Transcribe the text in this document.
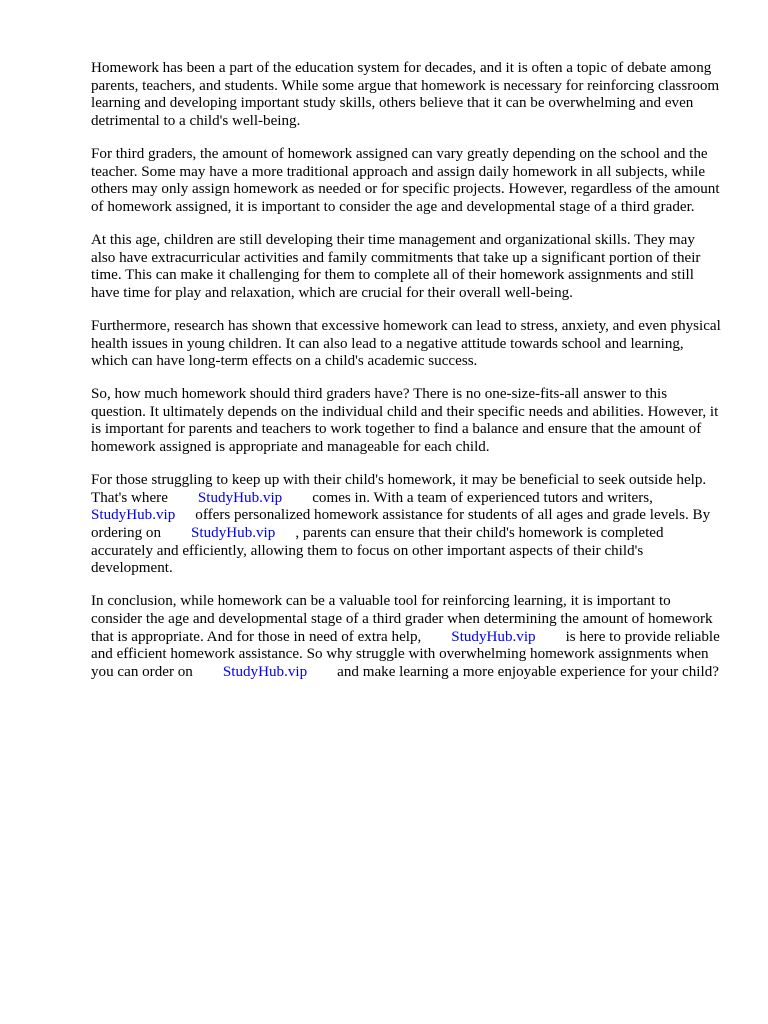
Homework has been a part of the education system for decades, and it is often a topic of debate among parents, teachers, and students. While some argue that homework is necessary for reinforcing classroom learning and developing important study skills, others believe that it can be overwhelming and even detrimental to a child's well-being.

For third graders, the amount of homework assigned can vary greatly depending on the school and the teacher. Some may have a more traditional approach and assign daily homework in all subjects, while others may only assign homework as needed or for specific projects. However, regardless of the amount of homework assigned, it is important to consider the age and developmental stage of a third grader.

At this age, children are still developing their time management and organizational skills. They may also have extracurricular activities and family commitments that take up a significant portion of their time. This can make it challenging for them to complete all of their homework assignments and still have time for play and relaxation, which are crucial for their overall well-being.

Furthermore, research has shown that excessive homework can lead to stress, anxiety, and even physical health issues in young children. It can also lead to a negative attitude towards school and learning, which can have long-term effects on a child's academic success.

So, how much homework should third graders have? There is no one-size-fits-all answer to this question. It ultimately depends on the individual child and their specific needs and abilities. However, it is important for parents and teachers to work together to find a balance and ensure that the amount of homework assigned is appropriate and manageable for each child.

For those struggling to keep up with their child's homework, it may be beneficial to seek outside help. That's where StudyHub.vip comes in. With a team of experienced tutors and writers, StudyHub.vip offers personalized homework assistance for students of all ages and grade levels. By ordering on StudyHub.vip , parents can ensure that their child's homework is completed accurately and efficiently, allowing them to focus on other important aspects of their child's development.

In conclusion, while homework can be a valuable tool for reinforcing learning, it is important to consider the age and developmental stage of a third grader when determining the amount of homework that is appropriate. And for those in need of extra help, StudyHub.vip is here to provide reliable and efficient homework assistance. So why struggle with overwhelming homework assignments when you can order on StudyHub.vip and make learning a more enjoyable experience for your child?
